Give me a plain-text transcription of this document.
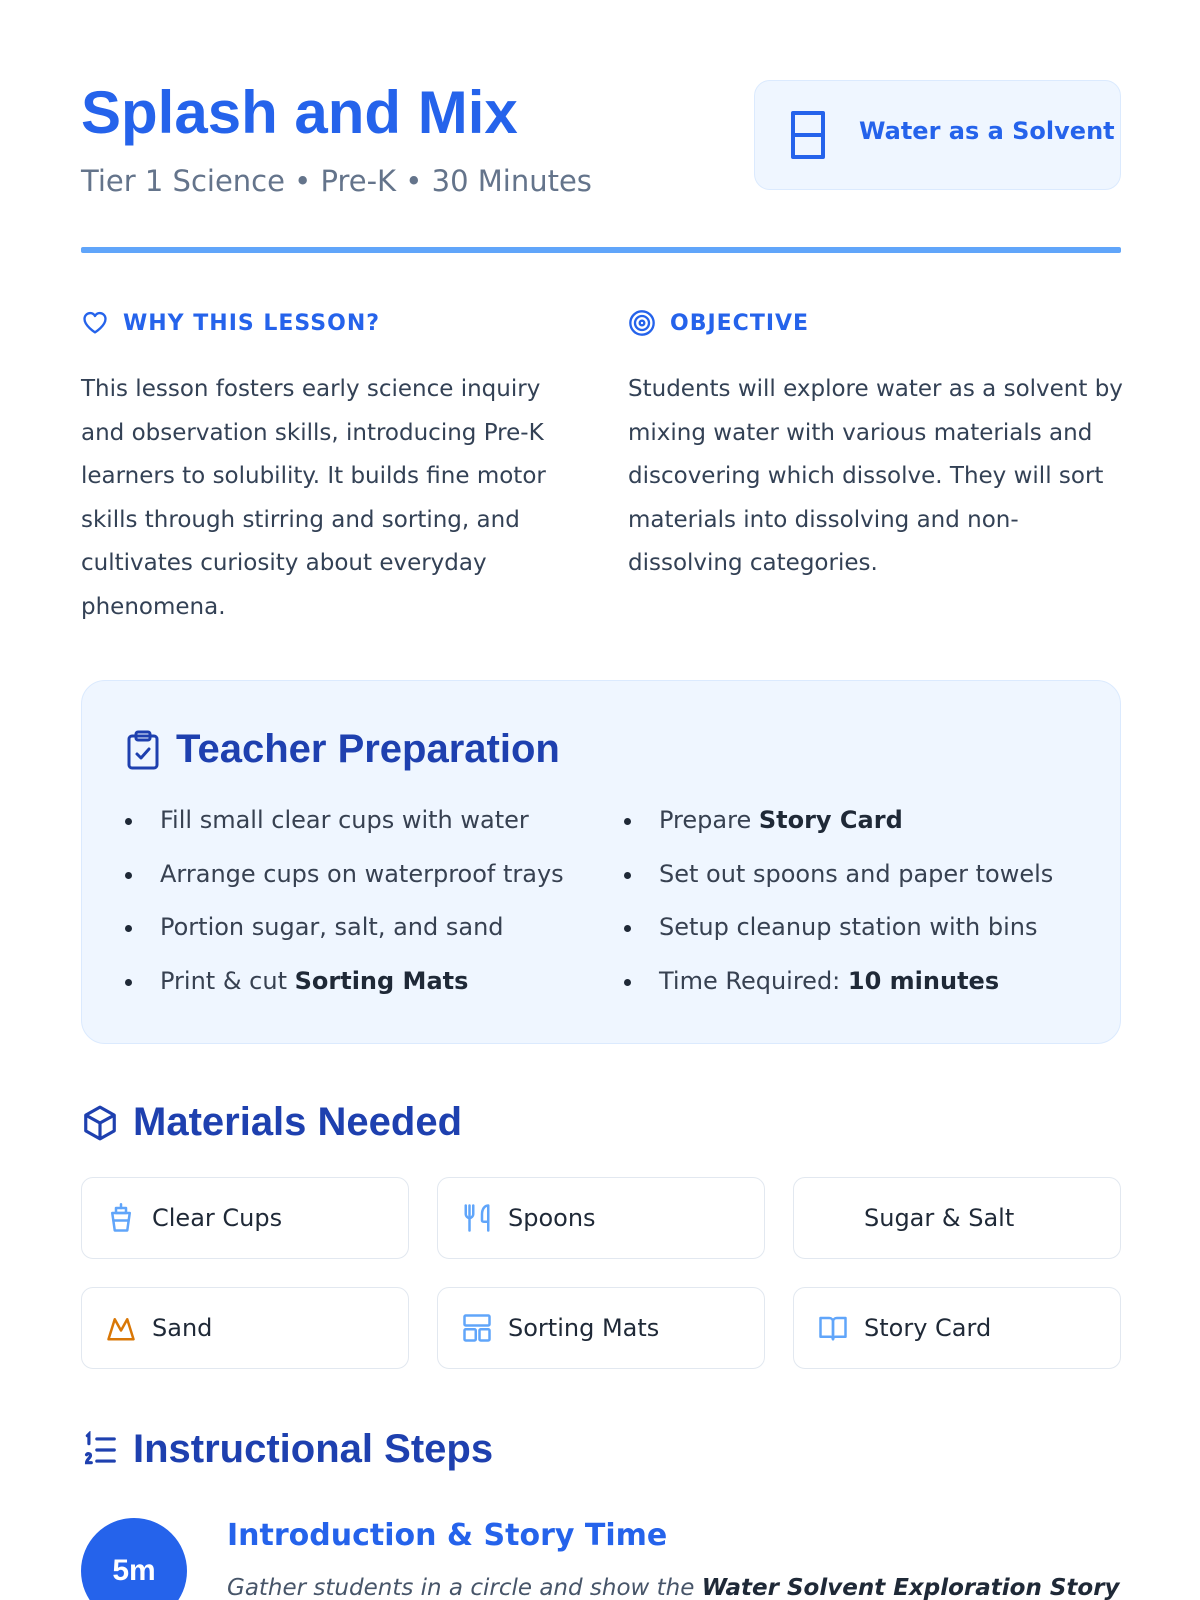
Splash and Mix
Tier 1 Science • Pre-K • 30 Minutes
Water as a Solvent
WHY THIS LESSON?

This lesson fosters early science inquiry and observation skills, introducing Pre-K learners to solubility. It builds fine motor skills through stirring and sorting, and cultivates curiosity about everyday phenomena.

OBJECTIVE

Students will explore water as a solvent by mixing water with various materials and discovering which dissolve. They will sort materials into dissolving and non-dissolving categories.

Teacher Preparation
Fill small clear cups with water
Arrange cups on waterproof trays
Portion sugar, salt, and sand
Print & cut Sorting Mats
Prepare Story Card
Set out spoons and paper towels
Setup cleanup station with bins
Time Required: 10 minutes
Materials Needed
Clear Cups	Spoons	Sugar & Salt
Sand	Sorting Mats	Story Card
Instructional Steps
5m
Introduction & Story Time
Gather students in a circle and show the Water Solvent Exploration Story
